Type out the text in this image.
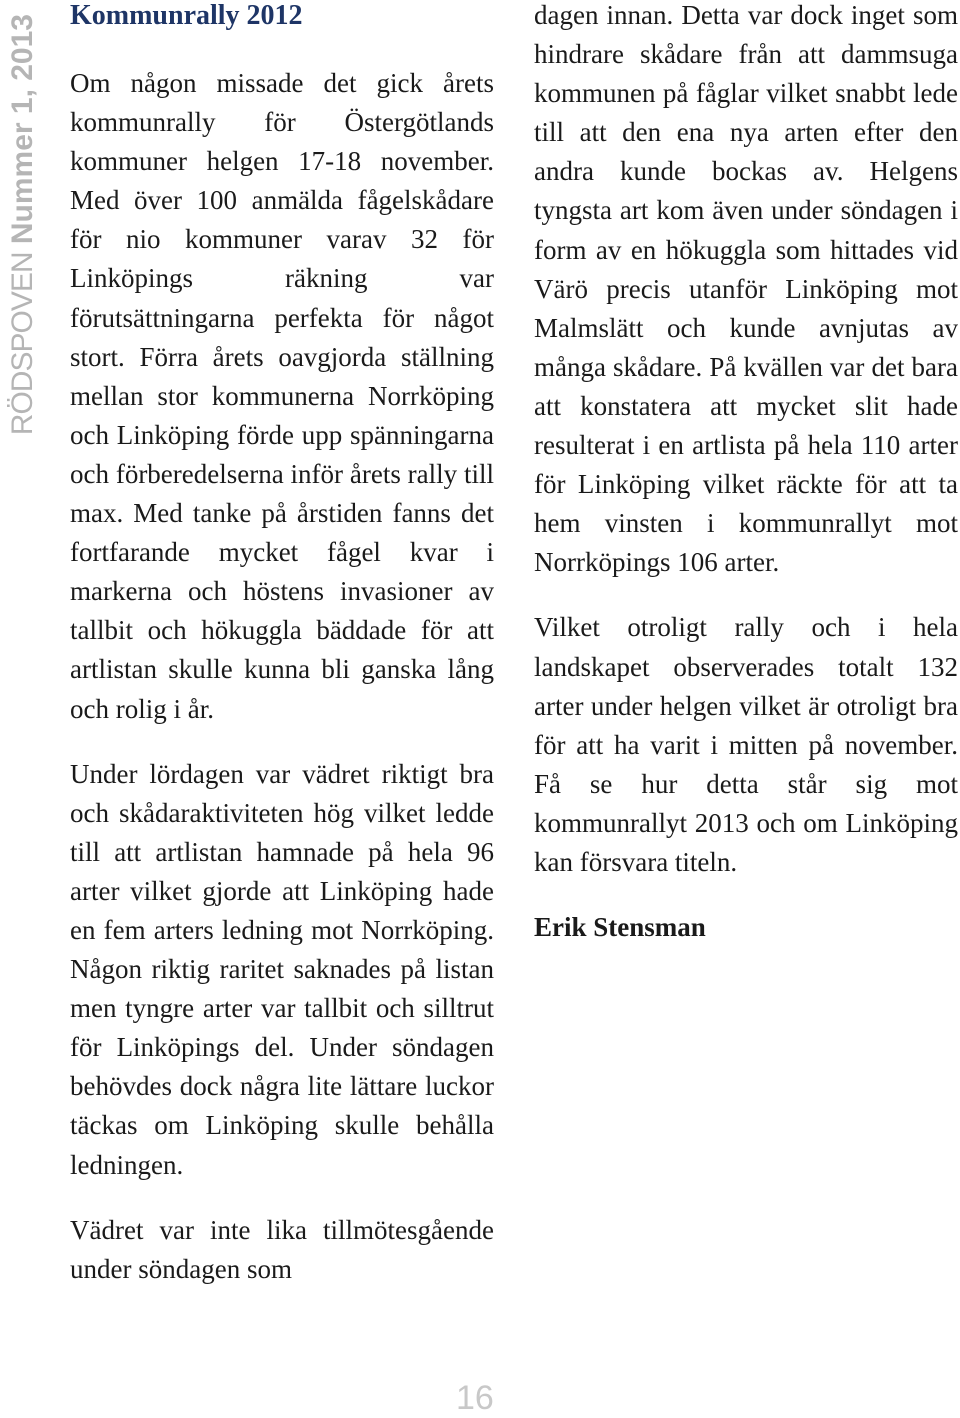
RÖDSPOVEN Nummer 1, 2013 Kommunrally 2012

Om någon missade det gick årets kommunrally för Östergötlands kommuner helgen 17-18 november. Med över 100 anmälda fågelskådare för nio kommuner varav 32 för Linköpings räkning var förutsättningarna perfekta för något stort. Förra årets oavgjorda ställning mellan stor kommunerna Norrköping och Linköping förde upp spänningarna och förberedelserna inför årets rally till max. Med tanke på årstiden fanns det fortfarande mycket fågel kvar i markerna och höstens invasioner av tallbit och hökuggla bäddade för att artlistan skulle kunna bli ganska lång och rolig i år.

Under lördagen var vädret riktigt bra och skådaraktiviteten hög vilket ledde till att artlistan hamnade på hela 96 arter vilket gjorde att Linköping hade en fem arters ledning mot Norrköping. Någon riktig raritet saknades på listan men tyngre arter var tallbit och silltrut för Linköpings del. Under söndagen behövdes dock några lite lättare luckor täckas om Linköping skulle behålla ledningen.

Vädret var inte lika tillmötesgående under söndagen som

dagen innan. Detta var dock inget som hindrare skådare från att dammsuga kommunen på fåglar vilket snabbt lede till att den ena nya arten efter den andra kunde bockas av. Helgens tyngsta art kom även under söndagen i form av en hökuggla som hittades vid Värö precis utanför Linköping mot Malmslätt och kunde avnjutas av många skådare. På kvällen var det bara att konstatera att mycket slit hade resulterat i en artlista på hela 110 arter för Linköping vilket räckte för att ta hem vinsten i kommunrallyt mot Norrköpings 106 arter.

Vilket otroligt rally och i hela landskapet observerades totalt 132 arter under helgen vilket är otroligt bra för att ha varit i mitten på november. Få se hur detta står sig mot kommunrallyt 2013 och om Linköping kan försvara titeln.

Erik Stensman

16
